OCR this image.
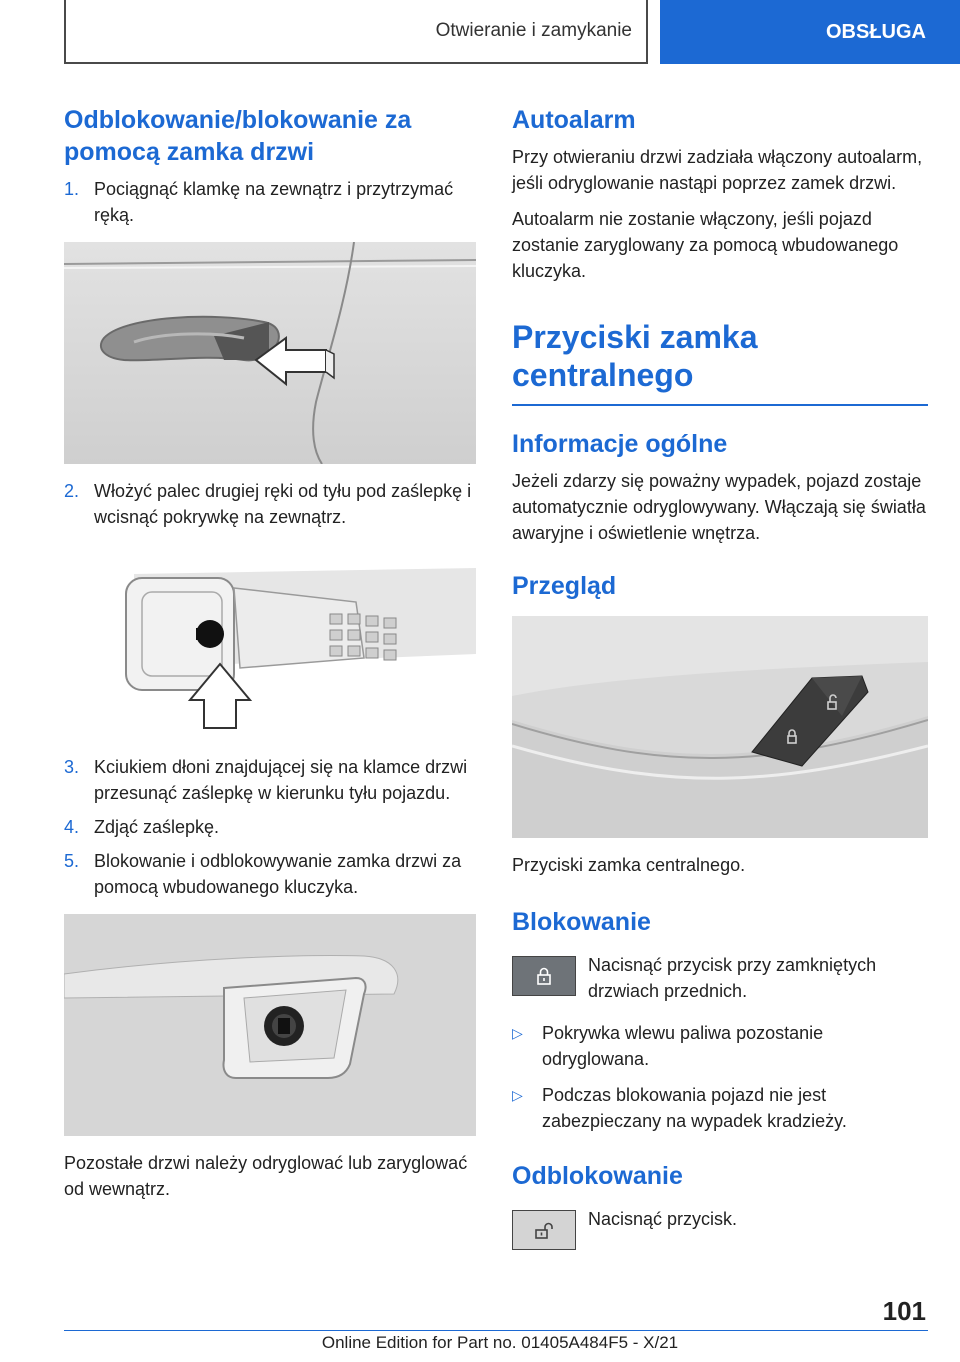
Otwieranie i zamykanie	OBSŁUGA
Odblokowanie/blokowanie za pomocą zamka drzwi
1. Pociągnąć klamkę na zewnątrz i przytrzymać ręką.
2. Włożyć palec drugiej ręki od tyłu pod zaślepkę i wcisnąć pokrywkę na zewnątrz.
3. Kciukiem dłoni znajdującej się na klamce drzwi przesunąć zaślepkę w kierunku tyłu pojazdu.
4. Zdjąć zaślepkę.
5. Blokowanie i odblokowywanie zamka drzwi za pomocą wbudowanego kluczyka.

Pozostałe drzwi należy odryglować lub zaryglować od wewnątrz.

Autoalarm

Przy otwieraniu drzwi zadziała włączony autoalarm, jeśli odryglowanie nastąpi poprzez zamek drzwi.

Autoalarm nie zostanie włączony, jeśli pojazd zostanie zaryglowany za pomocą wbudowanego kluczyka.

Przyciski zamka centralnego
Informacje ogólne

Jeżeli zdarzy się poważny wypadek, pojazd zostaje automatycznie odryglowywany. Włączają się światła awaryjne i oświetlenie wnętrza.

Przegląd

Przyciski zamka centralnego.

Blokowanie

Nacisnąć przycisk przy zamkniętych drzwiach przednich.

▷ Pokrywka wlewu paliwa pozostanie odryglowana.
▷ Podczas blokowania pojazd nie jest zabezpieczany na wypadek kradzieży.
Odblokowanie

Nacisnąć przycisk.

101
Online Edition for Part no. 01405A484F5 - X/21
